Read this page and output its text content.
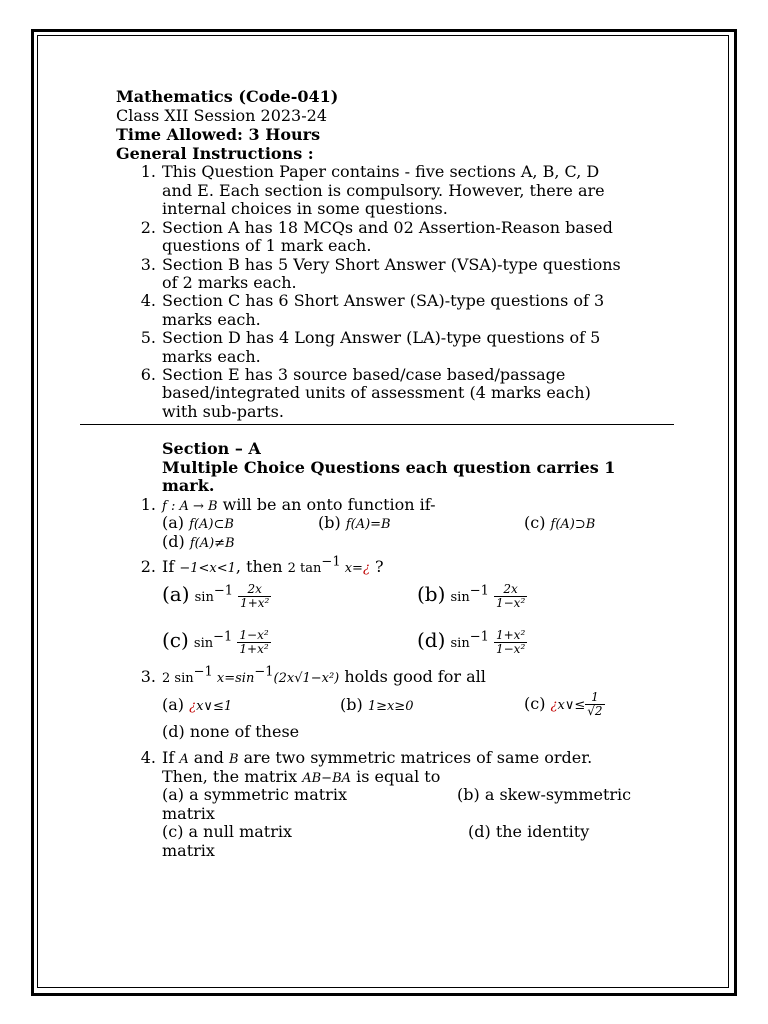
Mathematics (Code-041)
Class XII Session 2023-24
Time Allowed: 3 Hours
General Instructions :
1. This Question Paper contains - five sections A, B, C, D
and E. Each section is compulsory. However, there are
internal choices in some questions.
2. Section A has 18 MCQs and 02 Assertion-Reason based
questions of 1 mark each.
3. Section B has 5 Very Short Answer (VSA)-type questions
of 2 marks each.
4. Section C has 6 Short Answer (SA)-type questions of 3
marks each.
5. Section D has 4 Long Answer (LA)-type questions of 5
marks each.
6. Section E has 3 source based/case based/passage
based/integrated units of assessment (4 marks each)
with sub-parts.
Section – A
Multiple Choice Questions each question carries 1
mark.
1. f : A → B will be an onto function if-
(a) f(A)⊂B	(b) f(A)=B	(c) f(A)⊃B
(d) f(A)≠B
2. If −1<x<1, then 2 $\tan^{-1}$ x=¿ ?
(a) $\sin^{-1} \frac{2x}{\text{1+x²}}$	(b) $\sin^{-1} \frac{2x}{\text{1−x²}}$
(c) $\sin^{-1} \frac{\text{1−x²}}{\text{1+x²}}$	(d) $\sin^{-1} \frac{\text{1+x²}}{\text{1−x²}}$
3. 2 $\sin^{-1} x=\sin^{-1}(2x√1-x^2)$ holds good for all
(a) ¿x∨≤1	(b) 1≥x≥0	(c) ¿x∨≤ $\frac{1}{√2}$
(d) none of these
4. If A and B are two symmetric matrices of same order.
Then, the matrix AB−BA is equal to
(a) a symmetric matrix	(b) a skew-symmetric
matrix
(c) a null matrix	(d) the identity
matrix
